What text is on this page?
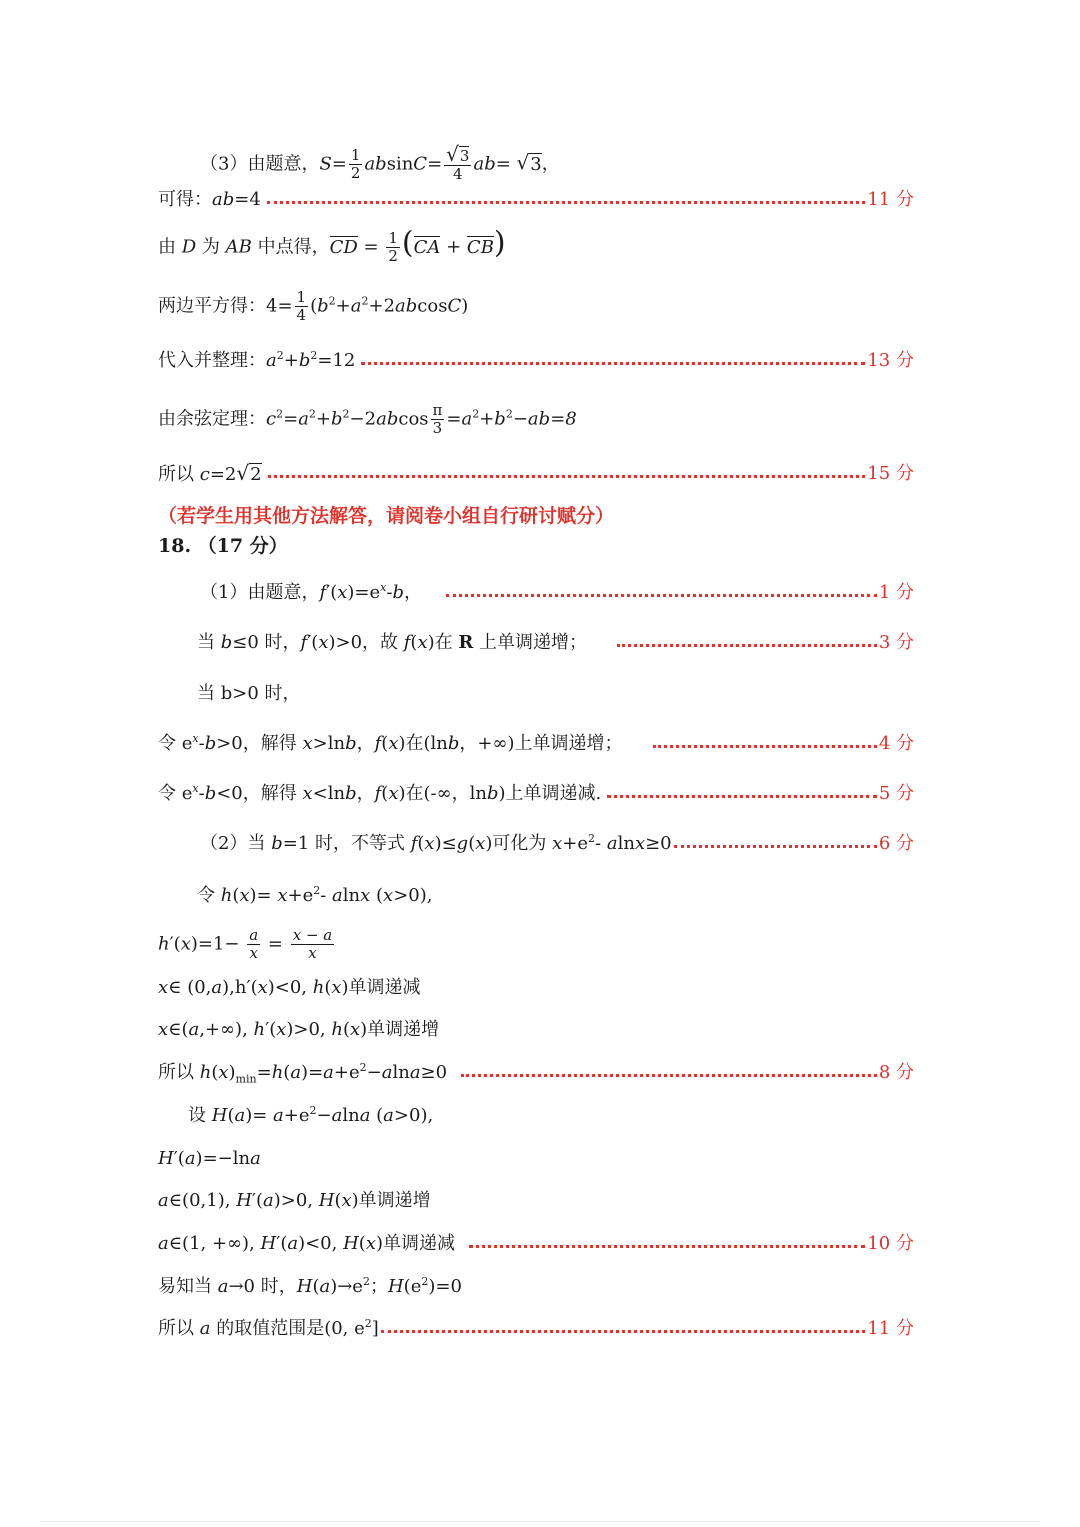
（3）由题意，$S= \frac{1}{2} absinC= \frac{√3}{4} ab= √3$，
可得：ab=4	11 分
由 D 为 AB 中点得，CD = $\frac{1}{2} (CA + CB)$
两边平方得：$4= \frac{1}{4} (b^2+a^2+2abcosC)$
代入并整理：$a^2+b^2=12$	13 分
由余弦定理：$c^2=a^2+b^2-2abcos \frac{\pi}{3} =a^2+b^2-ab=8$
所以 c=2√2	15 分
（若学生用其他方法解答，请阅卷小组自行研讨赋分）
18. （17 分）
（1）由题意，$f'(x)=e^x-b$，	1 分
当 b≤0 时，f′(x)>0，故 f(x)在 R 上单调递增；	3 分
当 b>0 时，
令 $e^x-b>0$，解得 x>lnb，f(x)在(lnb，+∞)上单调递增；	4 分
令 $e^x-b<0$，解得 x<lnb，f(x)在(-∞，lnb)上单调递减.	5 分
（2）当 b=1 时，不等式 f(x)≤g(x)可化为 $x+e^2-$ alnx≥0	6 分
令 $h(x)= x+e^2-$ alnx (x>0),
$h'(x)=1- \frac{a}{x} = \frac{x - a}{x}$
x∈ (0,a),h′(x)<0, h(x)单调递减
x∈(a,+∞), h′(x)>0, h(x)单调递增
所以 $h(x)_{min}=h(a)=a+e^2-alna\ge 0$	8 分
设 $H(a)= a+e^2-alna$ (a>0),
H′(a)=−lna
a∈(0,1), H′(a)>0, H(x)单调递增
a∈(1, +∞), H′(a)<0, H(x)单调递减	10 分
易知当 a→0 时，$H(a)\to e^2$；$H(e^2)=0$
所以 a 的取值范围是(0, $e^2$]	11 分
